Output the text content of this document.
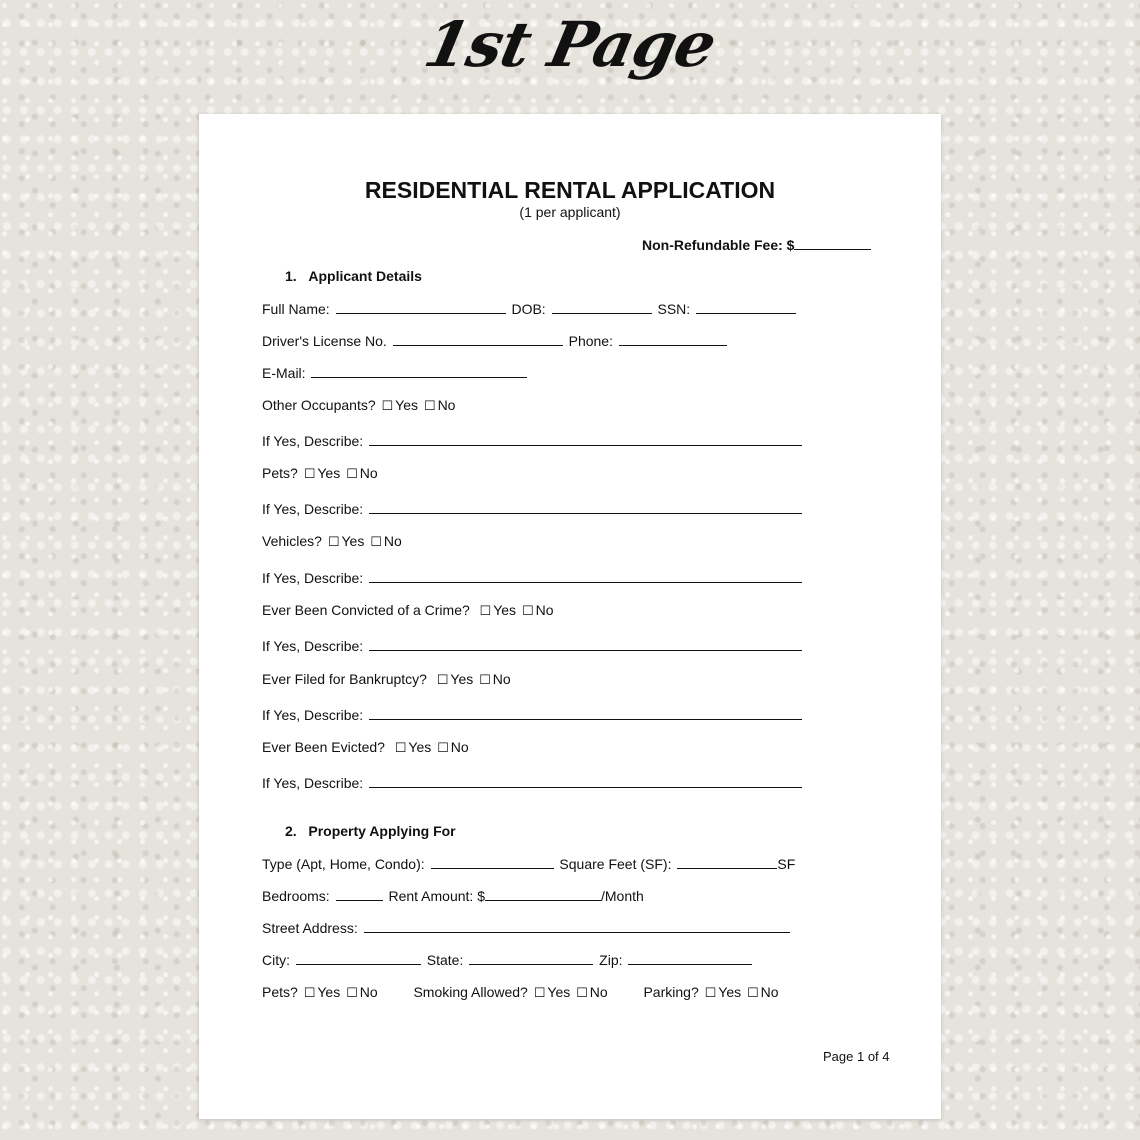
1st Page
RESIDENTIAL RENTAL APPLICATION
(1 per applicant)
Non-Refundable Fee: $
1. Applicant Details
Full Name:	DOB:	SSN:
Driver's License No.	Phone:
E-Mail:
Other Occupants? ☐ Yes ☐ No
If Yes, Describe:
Pets? ☐ Yes ☐ No
If Yes, Describe:
Vehicles? ☐ Yes ☐ No
If Yes, Describe:
Ever Been Convicted of a Crime? ☐ Yes ☐ No
If Yes, Describe:
Ever Filed for Bankruptcy? ☐ Yes ☐ No
If Yes, Describe:
Ever Been Evicted? ☐ Yes ☐ No
If Yes, Describe:
2. Property Applying For
Type (Apt, Home, Condo):	Square Feet (SF):	SF
Bedrooms:	Rent Amount: $	/Month
Street Address:
City:	State:	Zip:
Pets? ☐ Yes ☐ No	Smoking Allowed? ☐ Yes ☐ No	Parking? ☐ Yes ☐ No
Page 1 of 4
